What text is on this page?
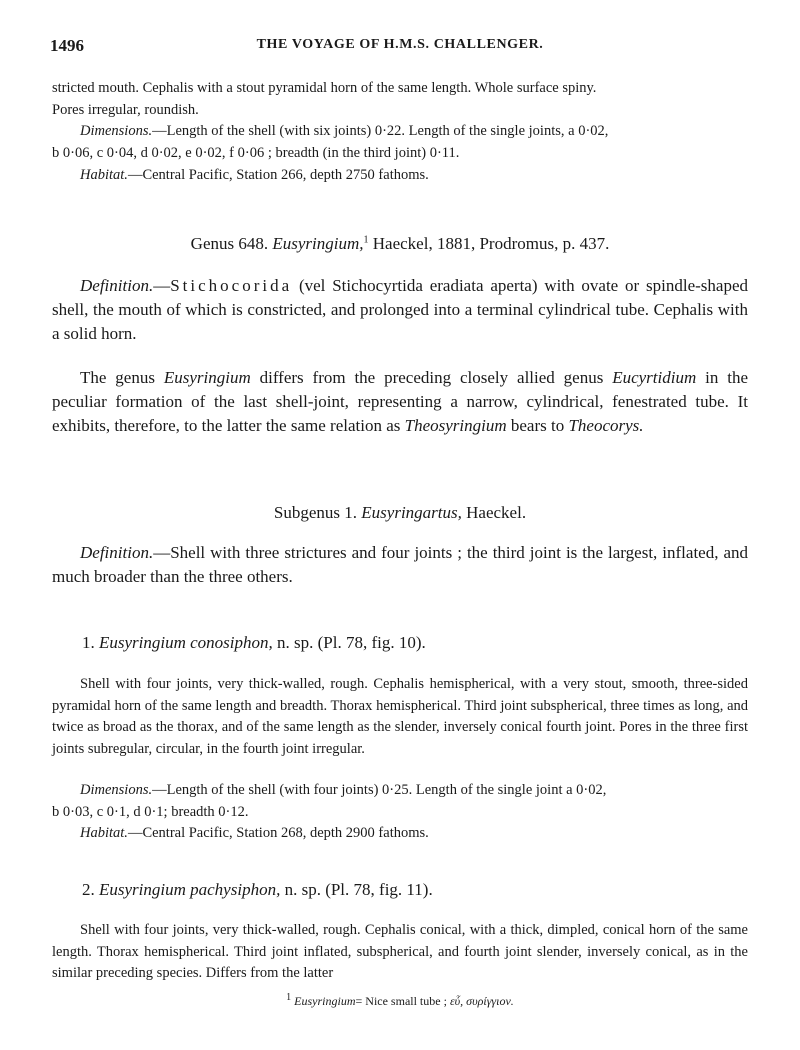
1496	THE VOYAGE OF H.M.S. CHALLENGER.
stricted mouth. Cephalis with a stout pyramidal horn of the same length. Whole surface spiny.
Pores irregular, roundish.
Dimensions.—Length of the shell (with six joints) 0·22. Length of the single joints, a 0·02,
b 0·06, c 0·04, d 0·02, e 0·02, f 0·06 ; breadth (in the third joint) 0·11.
Habitat.—Central Pacific, Station 266, depth 2750 fathoms.
Genus 648. Eusyringium,$^1$ Haeckel, 1881, Prodromus, p. 437.
Definition.—Stichocorida (vel Stichocyrtida eradiata aperta) with ovate or spindle-shaped shell, the mouth of which is constricted, and prolonged into a terminal cylindrical tube. Cephalis with a solid horn.
The genus Eusyringium differs from the preceding closely allied genus Eucyrtidium in the peculiar formation of the last shell-joint, representing a narrow, cylindrical, fenestrated tube. It exhibits, therefore, to the latter the same relation as Theosyringium bears to Theocorys.
Subgenus 1. Eusyringartus, Haeckel.
Definition.—Shell with three strictures and four joints ; the third joint is the largest, inflated, and much broader than the three others.
1. Eusyringium conosiphon, n. sp. (Pl. 78, fig. 10).
Shell with four joints, very thick-walled, rough. Cephalis hemispherical, with a very stout, smooth, three-sided pyramidal horn of the same length and breadth. Thorax hemispherical. Third joint subspherical, three times as long, and twice as broad as the thorax, and of the same length as the slender, inversely conical fourth joint. Pores in the three first joints subregular, circular, in the fourth joint irregular.
Dimensions.—Length of the shell (with four joints) 0·25. Length of the single joint a 0·02,
b 0·03, c 0·1, d 0·1; breadth 0·12.
Habitat.—Central Pacific, Station 268, depth 2900 fathoms.
2. Eusyringium pachysiphon, n. sp. (Pl. 78, fig. 11).
Shell with four joints, very thick-walled, rough. Cephalis conical, with a thick, dimpled, conical horn of the same length. Thorax hemispherical. Third joint inflated, subspherical, and fourth joint slender, inversely conical, as in the similar preceding species. Differs from the latter
$^1$ Eusyringium= Nice small tube ; εὖ, συρίγγιον.
